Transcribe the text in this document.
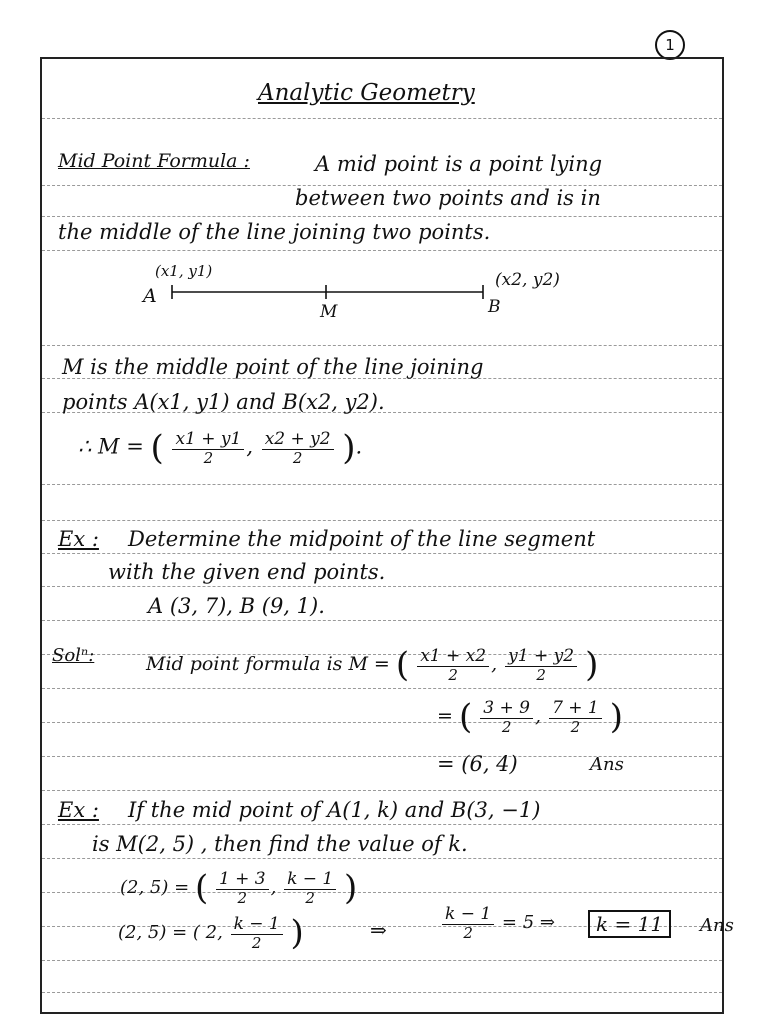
1
Analytic Geometry
Mid Point Formula :	A mid point is a point lying
between two points and is in
the middle of the line joining two points.
(x1, y1)
A
M
(x2, y2)
B
M is the middle point of the line joining
points A(x1, y1) and B(x2, y2).
∴ M = ( $\frac{x1 + y1}{2}$ , $\frac{x2 + y2}{2}$ ).
Ex : Determine the midpoint of the line segment
with the given end points.
A (3, 7), B (9, 1).
Solⁿ:	Mid point formula is M = ( $\frac{x1 + x2}{2}$ , $\frac{y1 + y2}{2}$ )
= ( $\frac{3 + 9}{2}$ , $\frac{7 + 1}{2}$ )
= (6, 4)	Ans
Ex : If the mid point of A(1, k) and B(3, −1)
is M(2, 5) , then find the value of k.
(2, 5) = ( $\frac{1 + 3}{2}$ , $\frac{k - 1}{2}$ )
(2, 5) = ( 2, $\frac{k - 1}{2}$ )	⇒	$\frac{k - 1}{2} = 5$ ⇒	k = 11	Ans
